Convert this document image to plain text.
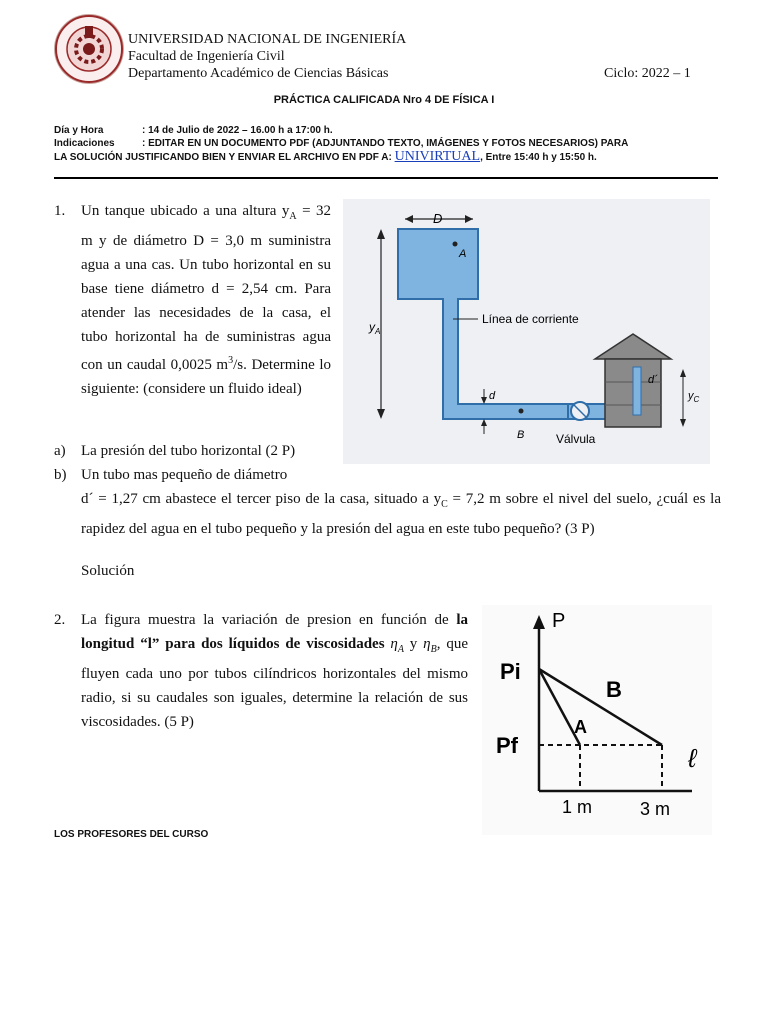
UNIVERSIDAD NACIONAL DE INGENIERÍA
Facultad de Ingeniería Civil
Departamento Académico de Ciencias Básicas	Ciclo: 2022 – 1
PRÁCTICA CALIFICADA Nro 4 DE FÍSICA I
Día y Hora	: 14 de Julio de 2022 – 16.00 h a 17:00 h.
Indicaciones	: EDITAR EN UN DOCUMENTO PDF (ADJUNTANDO TEXTO, IMÁGENES Y FOTOS NECESARIOS) PARA
LA SOLUCIÓN JUSTIFICANDO BIEN Y ENVIAR EL ARCHIVO EN PDF A: UNIVIRTUAL, Entre 15:40 h y 15:50 h.
1. Un tanque ubicado a una altura $y_A = 32$ m y de diámetro D = 3,0 m suministra agua a una cas. Un tubo horizontal en su base tiene diámetro d = 2,54 cm. Para atender las necesidades de la casa, el tubo horizontal ha de suministras agua con un caudal 0,0025 $m^3/s$. Determine lo siguiente: (considere un fluido ideal)
a) La presión del tubo horizontal (2 P)
b) Un tubo mas pequeño de diámetro
d´ = 1,27 cm abastece el tercer piso de la casa, situado a $y_C = 7,2$ m sobre el nivel del suelo, ¿cuál es la rapidez del agua en el tubo pequeño y la presión del agua en este tubo pequeño? (3 P)
Solución
D
A
$y_A$
Línea de corriente
d
B	Válvula
d´
$y_C$
2. La figura muestra la variación de presion en función de la longitud “l” para dos líquidos de viscosidades $\eta_A$ y $\eta_B$, que fluyen cada uno por tubos cilíndricos horizontales del mismo radio, si su caudales son iguales, determine la relación de sus viscosidades. (5 P)
P
Pi
Pf
B
A
ℓ
1 m	3 m
LOS PROFESORES DEL CURSO
